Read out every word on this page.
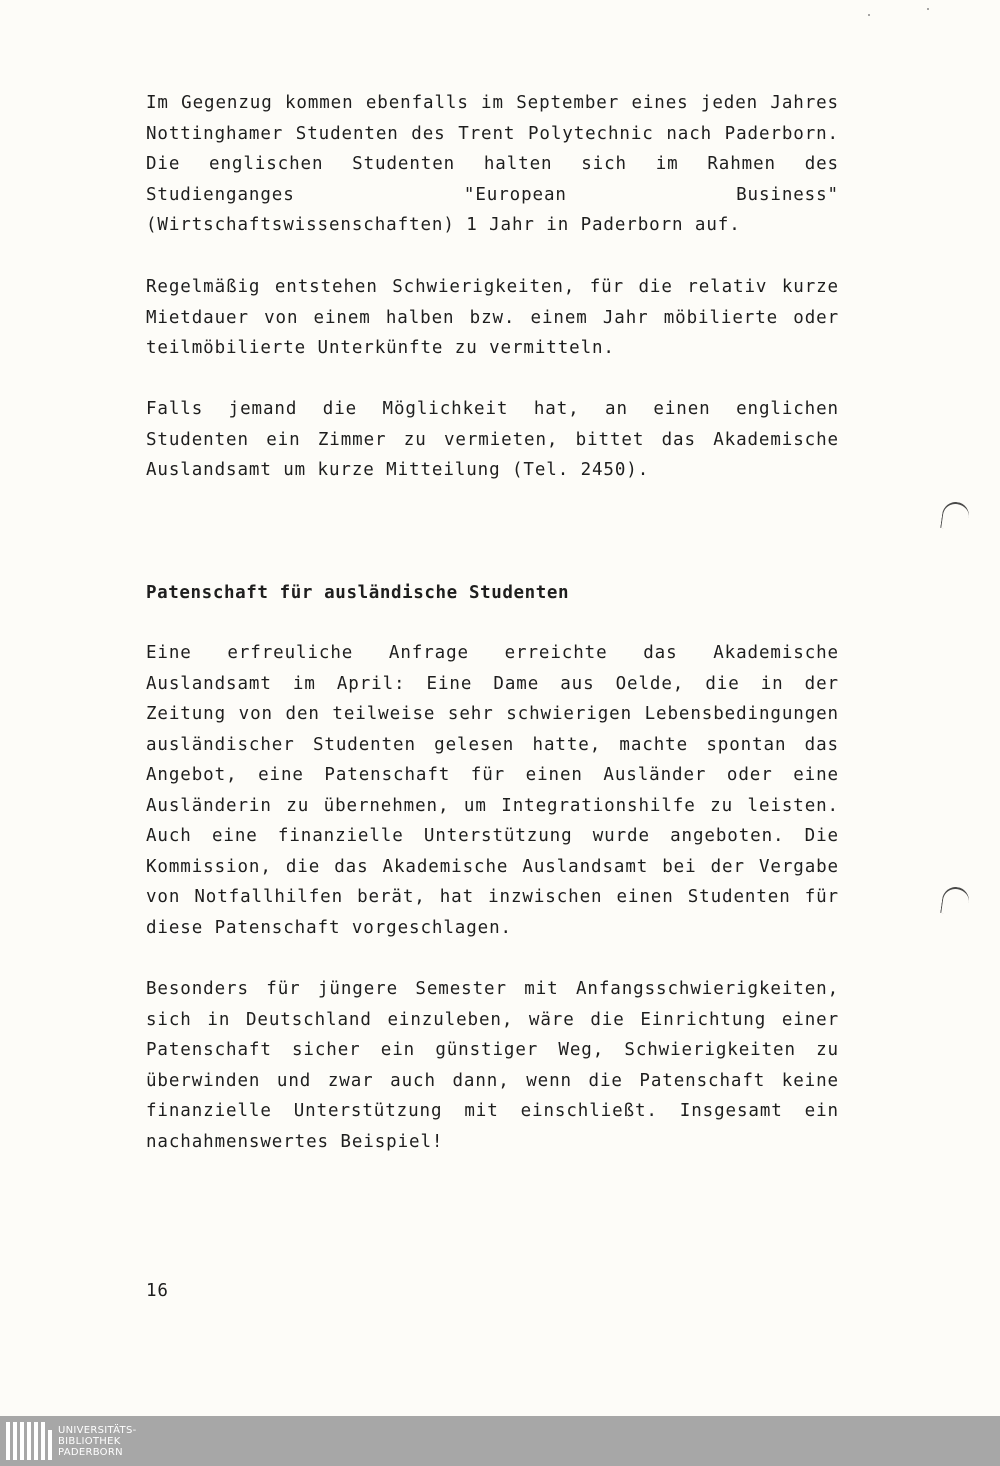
Im Gegenzug kommen ebenfalls im September eines jeden Jahres Nottinghamer Studenten des Trent Polytechnic nach Paderborn. Die englischen Studenten halten sich im Rahmen des Studienganges "European Business" (Wirtschaftswissenschaften) 1 Jahr in Paderborn auf.

Regelmäßig entstehen Schwierigkeiten, für die relativ kurze Mietdauer von einem halben bzw. einem Jahr möbilierte oder teilmöbilierte Unterkünfte zu vermitteln.

Falls jemand die Möglichkeit hat, an einen englichen Studenten ein Zimmer zu vermieten, bittet das Akademische Auslandsamt um kurze Mitteilung (Tel. 2450).

Patenschaft für ausländische Studenten

Eine erfreuliche Anfrage erreichte das Akademische Auslandsamt im April: Eine Dame aus Oelde, die in der Zeitung von den teilweise sehr schwierigen Lebensbedingungen ausländischer Studenten gelesen hatte, machte spontan das Angebot, eine Patenschaft für einen Ausländer oder eine Ausländerin zu übernehmen, um Integrationshilfe zu leisten. Auch eine finanzielle Unterstützung wurde angeboten. Die Kommission, die das Akademische Auslandsamt bei der Vergabe von Notfallhilfen berät, hat inzwischen einen Studenten für diese Patenschaft vorgeschlagen.

Besonders für jüngere Semester mit Anfangsschwierigkeiten, sich in Deutschland einzuleben, wäre die Einrichtung einer Patenschaft sicher ein günstiger Weg, Schwierigkeiten zu überwinden und zwar auch dann, wenn die Patenschaft keine finanzielle Unterstützung mit einschließt. Insgesamt ein nachahmenswertes Beispiel!

16
UNIVERSITÄTS-
BIBLIOTHEK
PADERBORN
